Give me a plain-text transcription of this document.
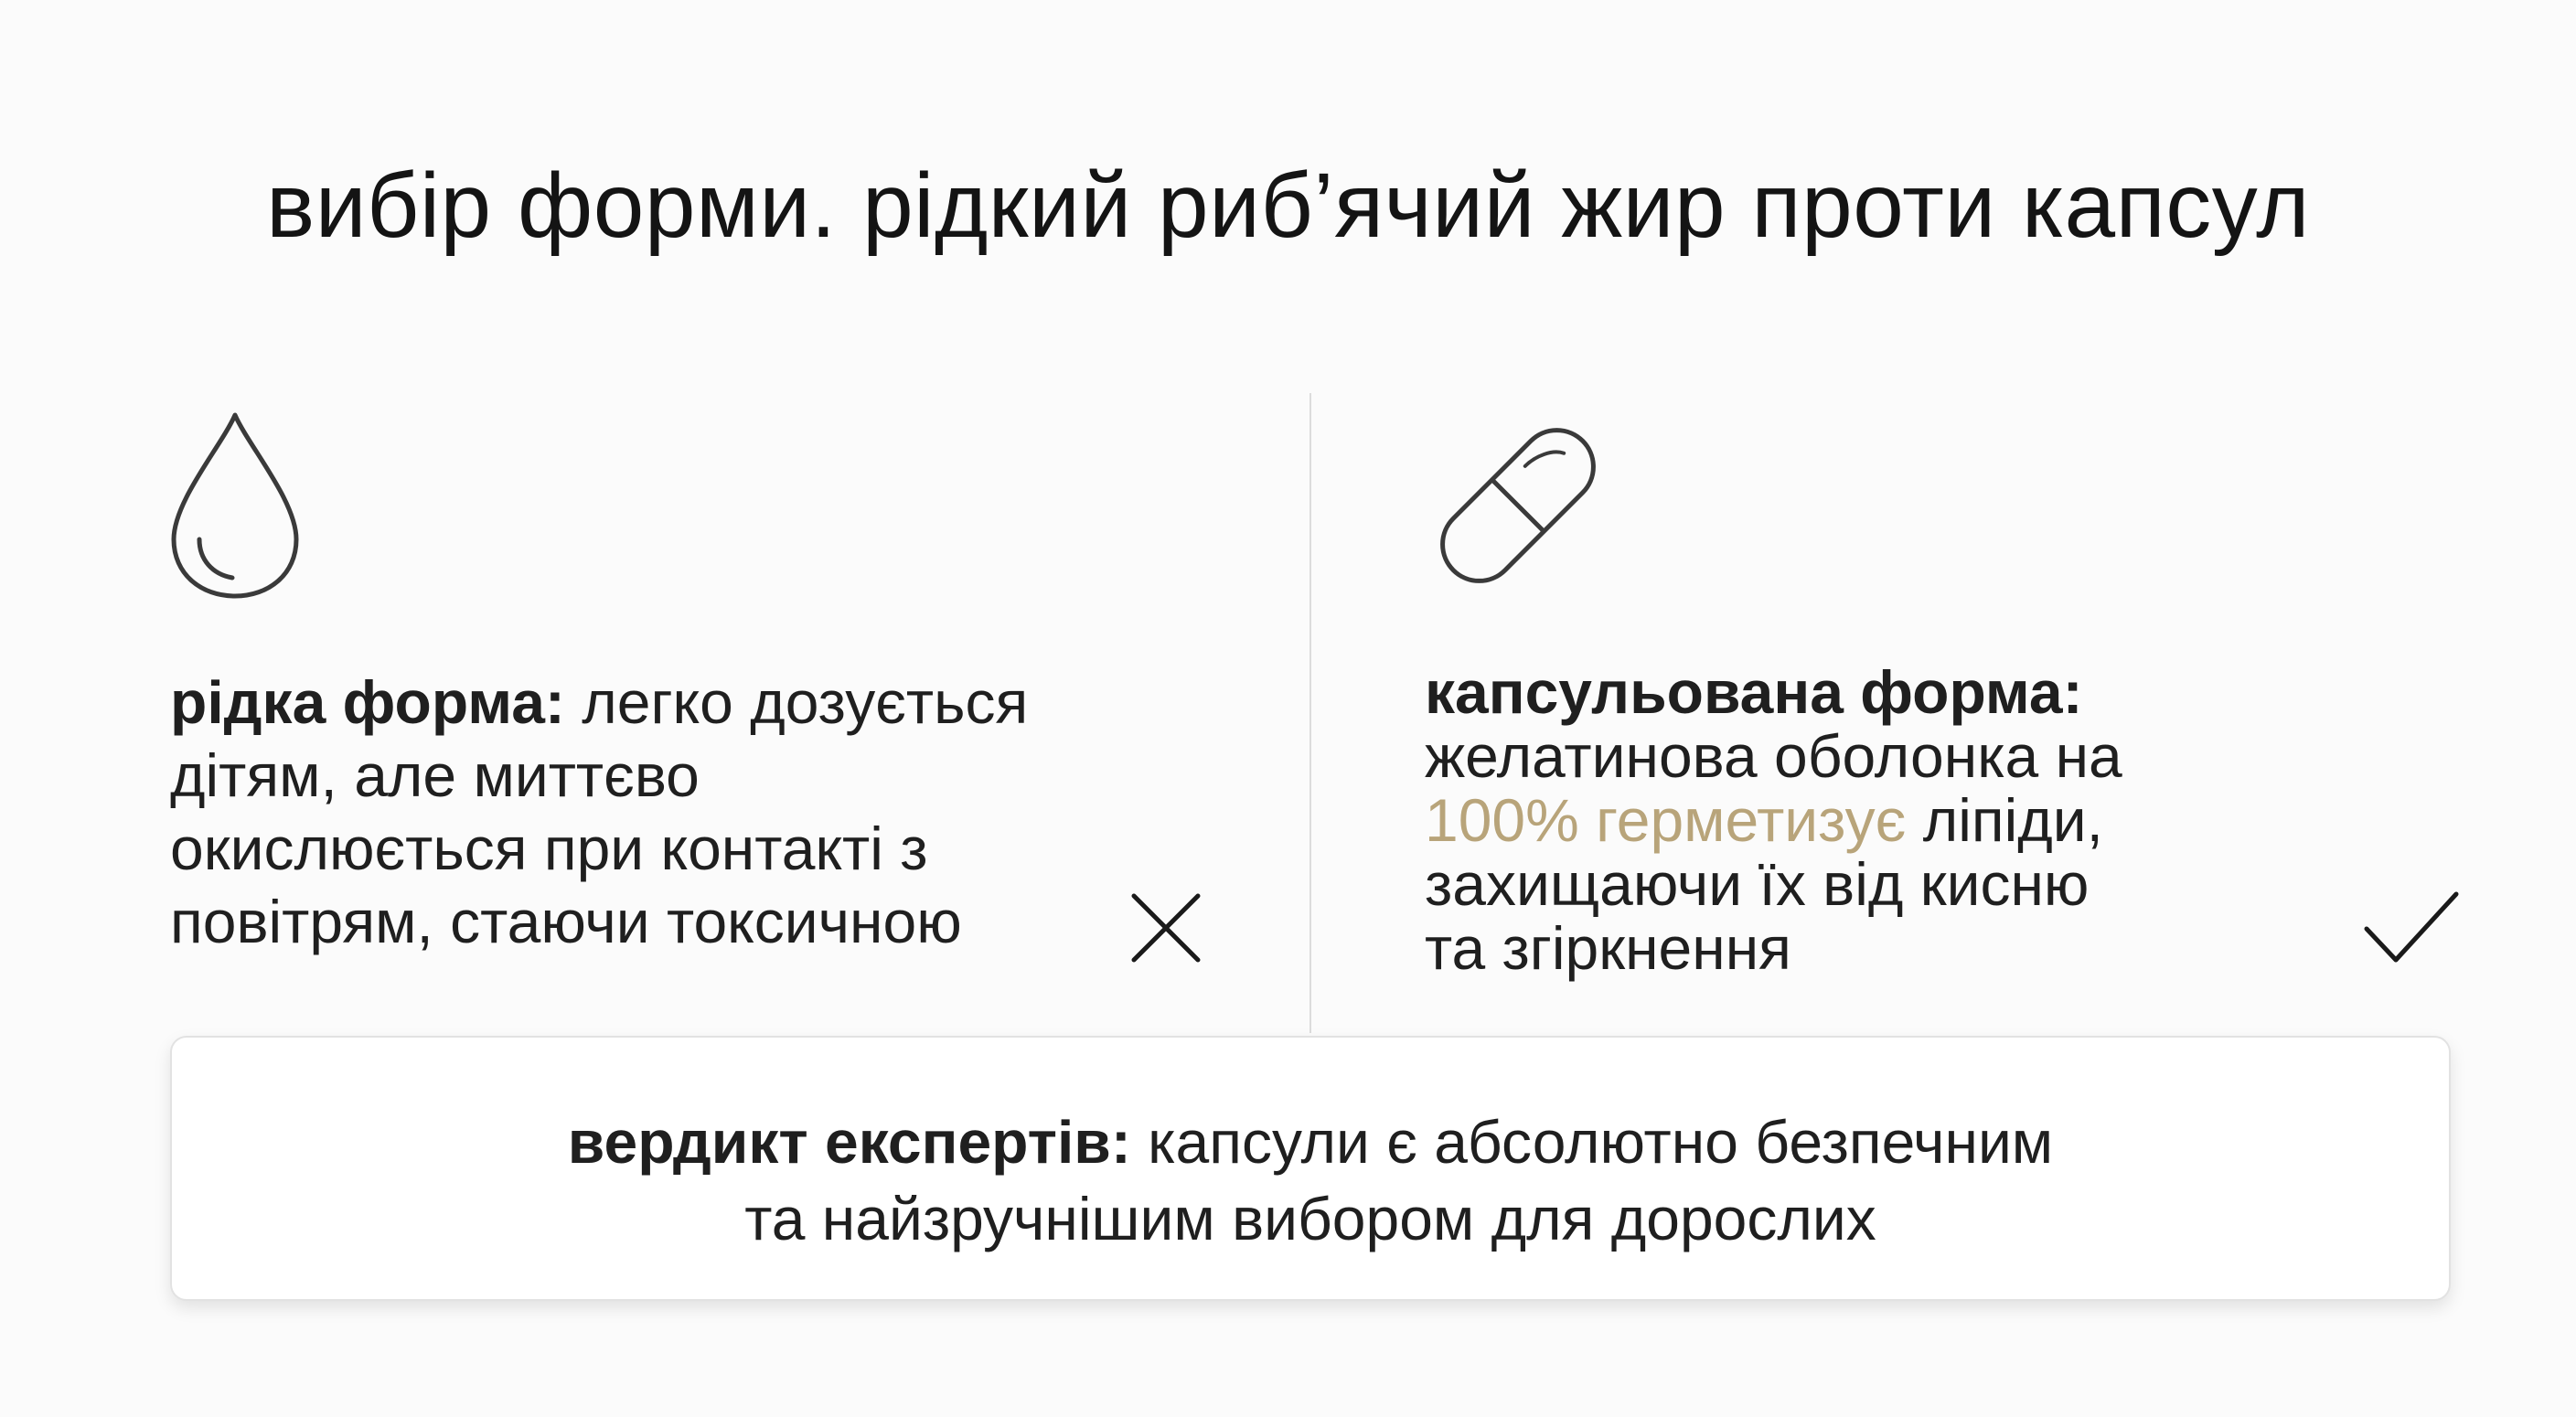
вибір форми. рідкий риб’ячий жир проти капсул

рідка форма: легко дозується
дітям, але миттєво
окислюється при контакті з
повітрям, стаючи токсичною

капсульована форма:
желатинова оболонка на
100% герметизує ліпіди,
захищаючи їх від кисню
та згіркнення

вердикт експертів: капсули є абсолютно безпечним
та найзручнішим вибором для дорослих
